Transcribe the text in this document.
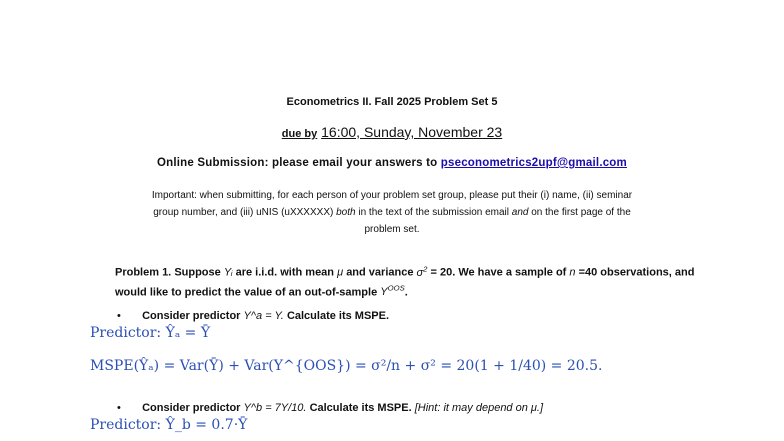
Econometrics II. Fall 2025 Problem Set 5
due by 16:00, Sunday, November 23
Online Submission: please email your answers to pseconometrics2upf@gmail.com
Important: when submitting, for each person of your problem set group, please put their (i) name, (ii) seminar
group number, and (iii) uNIS (uXXXXXX) both in the text of the submission email and on the first page of the
problem set.
Problem 1. Suppose Yᵢ are i.i.d. with mean μ and variance $\sigma^2 = 20$. We have a sample of n =40 observations, and
would like to predict the value of an out-of-sample $Y^{OOS}$.
• Consider predictor Y^a = Y. Calculate its MSPE.
Predictor: Ŷₐ = Ȳ
MSPE(Ŷₐ) = Var(Ȳ) + Var(Y^{OOS}) = σ²/n + σ² = 20(1 + 1/40) = 20.5.
• Consider predictor Y^b = 7Y/10. Calculate its MSPE. [Hint: it may depend on μ.]
Predictor: Ŷ_b = 0.7·Ȳ
